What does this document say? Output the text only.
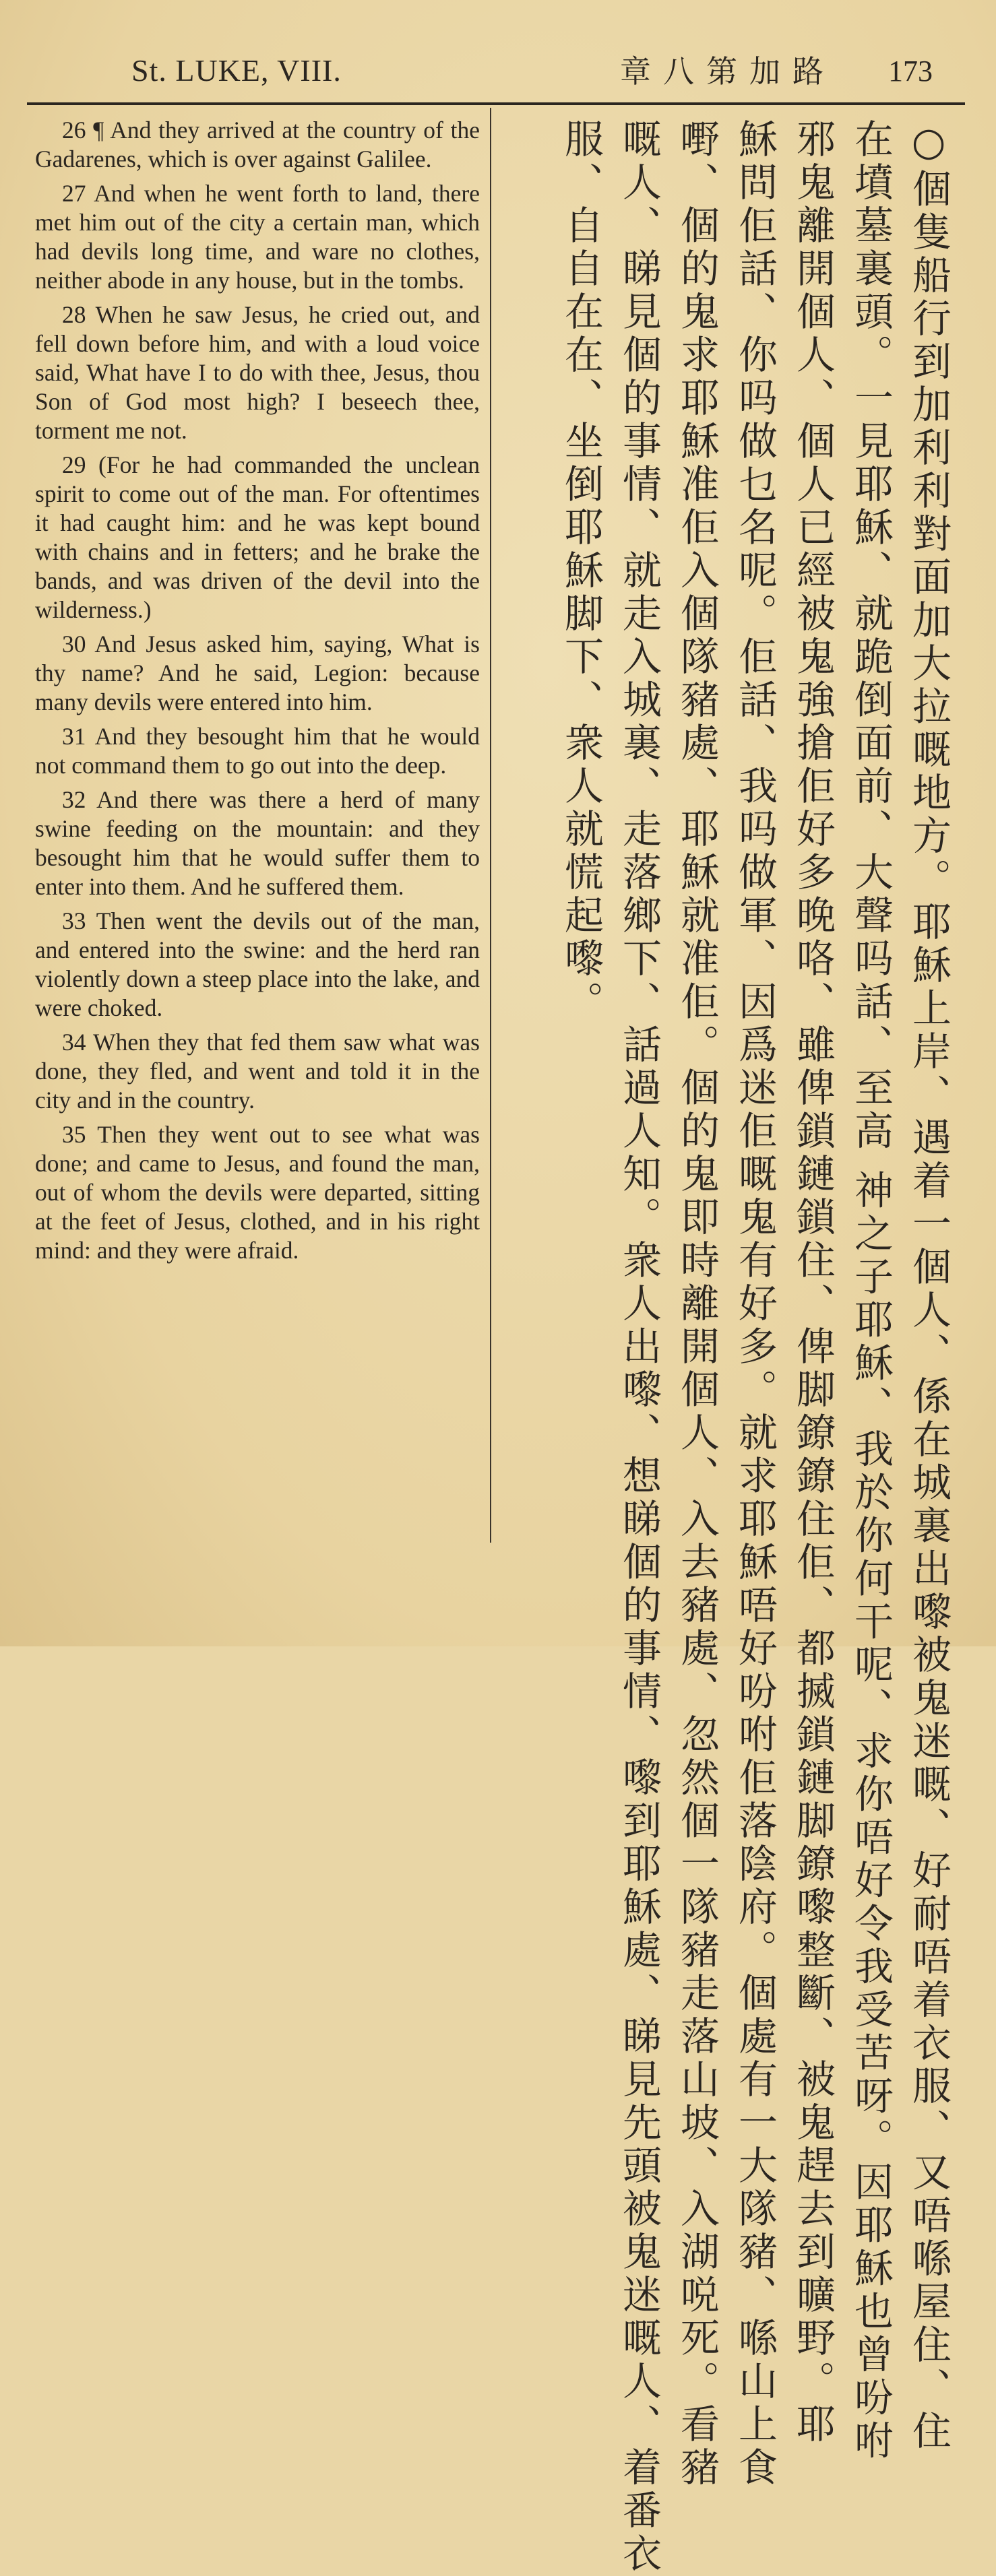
St. LUKE, VIII.	章八第加路 173

26 ¶ And they arrived at the country of the Gadarenes, which is over against Galilee.

27 And when he went forth to land, there met him out of the city a certain man, which had devils long time, and ware no clothes, neither abode in any house, but in the tombs.

28 When he saw Jesus, he cried out, and fell down before him, and with a loud voice said, What have I to do with thee, Jesus, thou Son of God most high? I beseech thee, torment me not.

29 (For he had commanded the unclean spirit to come out of the man. For oftentimes it had caught him: and he was kept bound with chains and in fetters; and he brake the bands, and was driven of the devil into the wilderness.)

30 And Jesus asked him, saying, What is thy name? And he said, Legion: because many devils were entered into him.

31 And they besought him that he would not command them to go out into the deep.

32 And there was there a herd of many swine feeding on the mountain: and they besought him that he would suffer them to enter into them. And he suffered them.

33 Then went the devils out of the man, and entered into the swine: and the herd ran violently down a steep place into the lake, and were choked.

34 When they that fed them saw what was done, they fled, and went and told it in the city and in the country.

35 Then they went out to see what was done; and came to Jesus, and found the man, out of whom the devils were departed, sitting at the feet of Jesus, clothed, and in his right mind: and they were afraid.	○個隻船行到加利利對面加大拉嘅地方。耶穌上岸、遇着一個人、係在城裏出嚟被鬼迷嘅、好耐唔着衣服、又唔喺屋住、住
在墳墓裏頭。一見耶穌、就跪倒面前、大聲吗話、至高 神之子耶穌、我於你何干呢、求你唔好令我受苦呀。因耶穌也曾吩咐
邪鬼離開個人、個人已經被鬼強搶佢好多晚咯、雖俾鎖鏈鎖住、俾脚鐐鐐住佢、都搣鎖鏈脚鐐嚟整斷、被鬼趕去到曠野。耶
穌問佢話、你吗做乜名呢。佢話、我吗做軍、因爲迷佢嘅鬼有好多。就求耶穌唔好吩咐佢落陰府。個處有一大隊豬、喺山上食
嘢、個的鬼求耶穌准佢入個隊豬處、耶穌就准佢。個的鬼即時離開個人、入去豬處、忽然個一隊豬走落山坡、入湖哾死。看豬
嘅人、睇見個的事情、就走入城裏、走落鄉下、話過人知。衆人出嚟、想睇個的事情、嚟到耶穌處、睇見先頭被鬼迷嘅人、着番衣
服、自自在在、坐倒耶穌脚下、衆人就慌起嚟。
